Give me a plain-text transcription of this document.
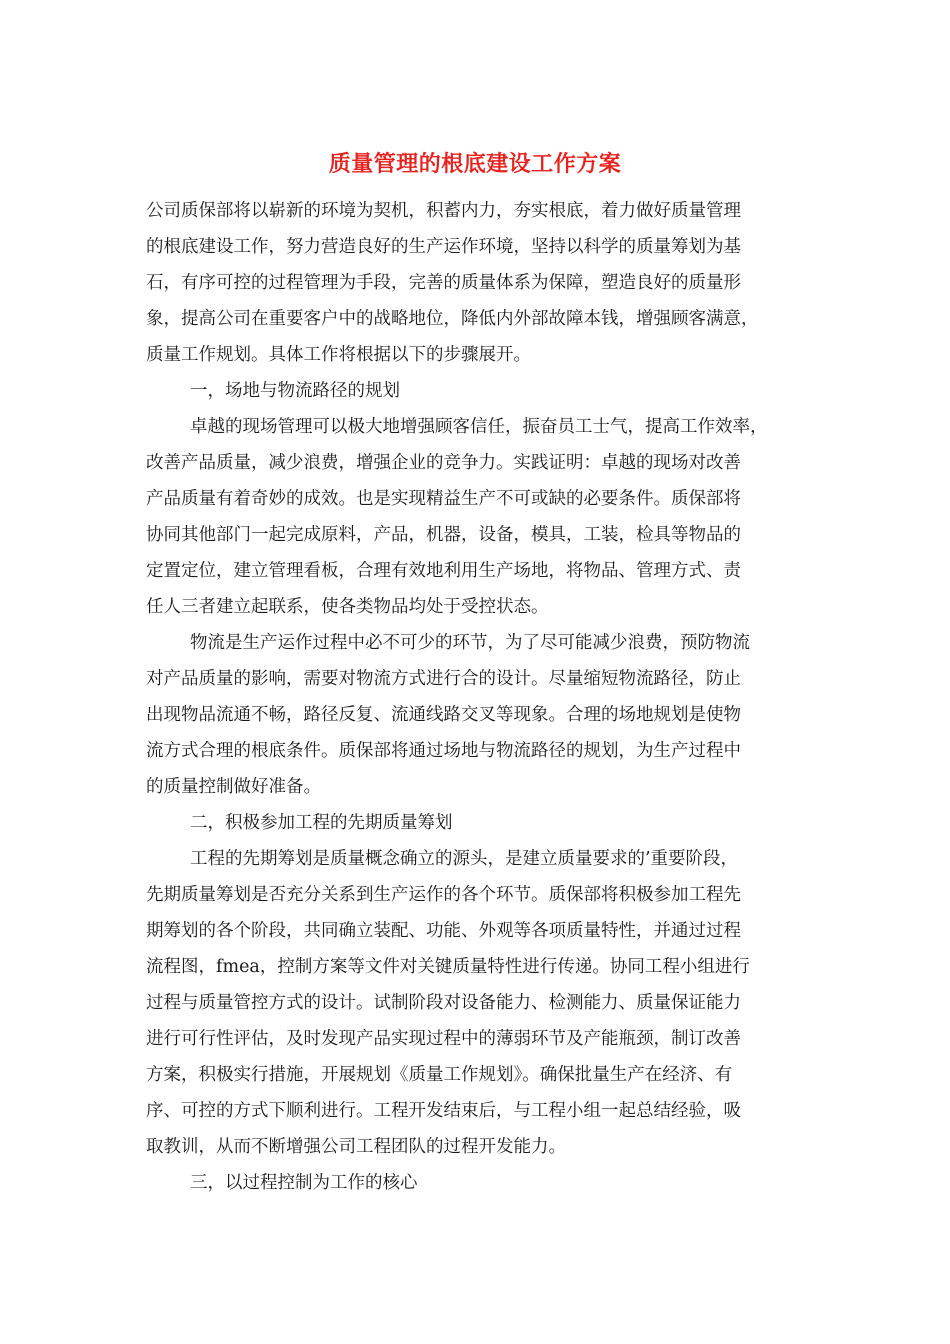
质量管理的根底建设工作方案
公司质保部将以崭新的环境为契机，积蓄内力，夯实根底，着力做好质量管理
的根底建设工作，努力营造良好的生产运作环境，坚持以科学的质量筹划为基
石，有序可控的过程管理为手段，完善的质量体系为保障，塑造良好的质量形
象，提高公司在重要客户中的战略地位，降低内外部故障本钱，增强顾客满意，
质量工作规划。具体工作将根据以下的步骤展开。
一，场地与物流路径的规划
卓越的现场管理可以极大地增强顾客信任，振奋员工士气，提高工作效率，
改善产品质量，减少浪费，增强企业的竞争力。实践证明：卓越的现场对改善
产品质量有着奇妙的成效。也是实现精益生产不可或缺的必要条件。质保部将
协同其他部门一起完成原料，产品，机器，设备，模具，工装，检具等物品的
定置定位，建立管理看板，合理有效地利用生产场地，将物品、管理方式、责
任人三者建立起联系，使各类物品均处于受控状态。
物流是生产运作过程中必不可少的环节，为了尽可能减少浪费，预防物流
对产品质量的影响，需要对物流方式进行合的设计。尽量缩短物流路径，防止
出现物品流通不畅，路径反复、流通线路交叉等现象。合理的场地规划是使物
流方式合理的根底条件。质保部将通过场地与物流路径的规划，为生产过程中
的质量控制做好准备。
二，积极参加工程的先期质量筹划
工程的先期筹划是质量概念确立的源头，是建立质量要求的’重要阶段，
先期质量筹划是否充分关系到生产运作的各个环节。质保部将积极参加工程先
期筹划的各个阶段，共同确立装配、功能、外观等各项质量特性，并通过过程
流程图，fmea，控制方案等文件对关键质量特性进行传递。协同工程小组进行
过程与质量管控方式的设计。试制阶段对设备能力、检测能力、质量保证能力
进行可行性评估，及时发现产品实现过程中的薄弱环节及产能瓶颈，制订改善
方案，积极实行措施，开展规划《质量工作规划》。确保批量生产在经济、有
序、可控的方式下顺利进行。工程开发结束后，与工程小组一起总结经验，吸
取教训，从而不断增强公司工程团队的过程开发能力。
三，以过程控制为工作的核心
